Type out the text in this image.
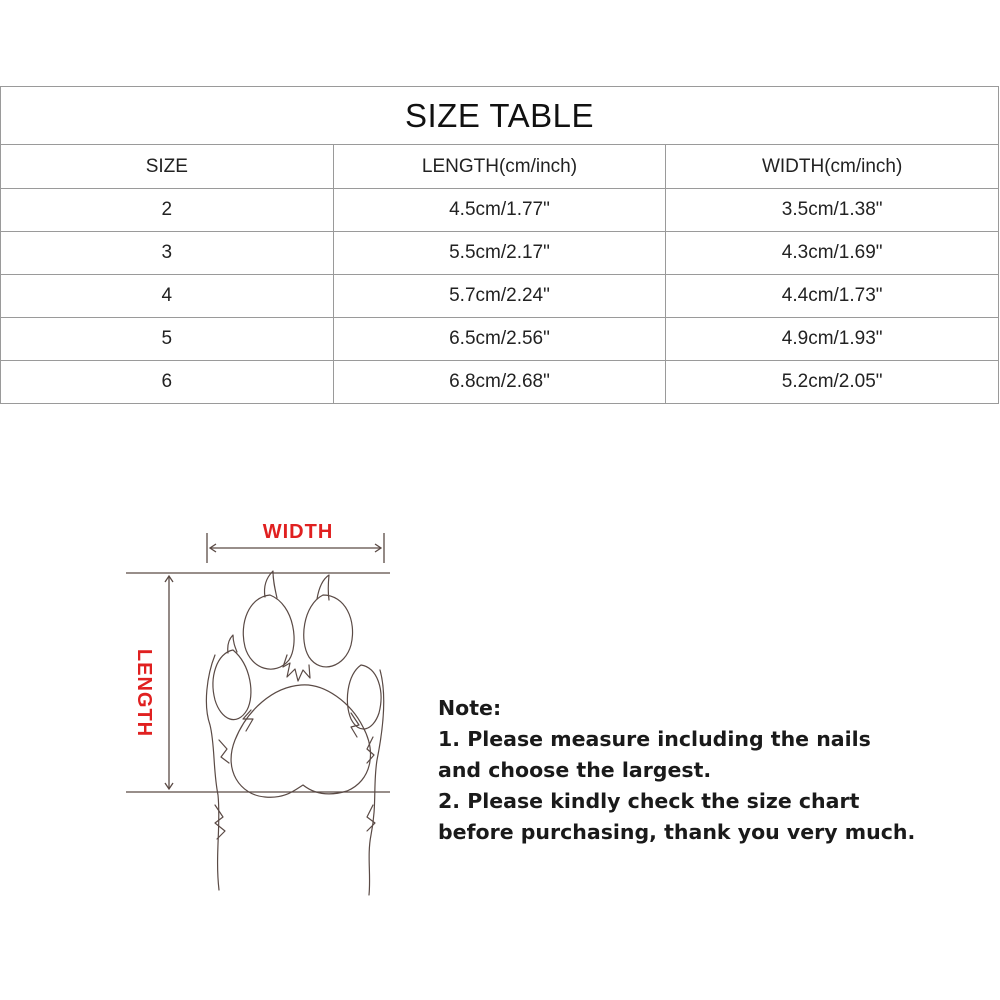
SIZE TABLE		
SIZE	LENGTH(cm/inch)	WIDTH(cm/inch)
2	4.5cm/1.77"	3.5cm/1.38"
3	5.5cm/2.17"	4.3cm/1.69"
4	5.7cm/2.24"	4.4cm/1.73"
5	6.5cm/2.56"	4.9cm/1.93"
6	6.8cm/2.68"	5.2cm/2.05"
WIDTH
LENGTH	Note:
1. Please measure including the nails
and choose the largest.
2. Please kindly check the size chart
before purchasing, thank you very much.
